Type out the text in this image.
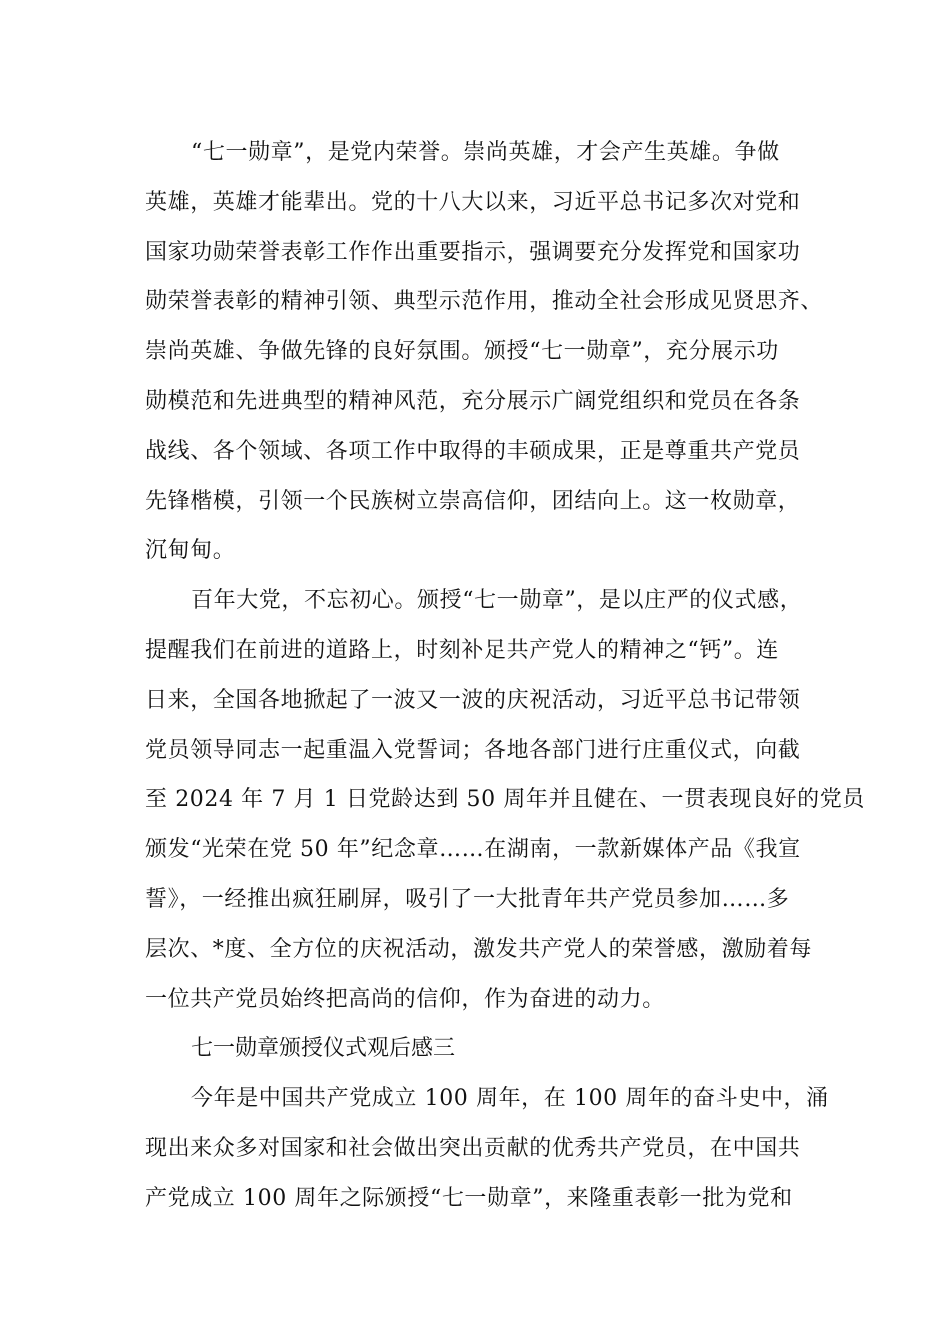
“七一勋章”，是党内荣誉。崇尚英雄，才会产生英雄。争做
英雄，英雄才能辈出。党的十八大以来，习近平总书记多次对党和
国家功勋荣誉表彰工作作出重要指示，强调要充分发挥党和国家功
勋荣誉表彰的精神引领、典型示范作用，推动全社会形成见贤思齐、
崇尚英雄、争做先锋的良好氛围。颁授“七一勋章”，充分展示功
勋模范和先进典型的精神风范，充分展示广阔党组织和党员在各条
战线、各个领域、各项工作中取得的丰硕成果，正是尊重共产党员
先锋楷模，引领一个民族树立崇高信仰，团结向上。这一枚勋章，
沉甸甸。
百年大党，不忘初心。颁授“七一勋章”，是以庄严的仪式感，
提醒我们在前进的道路上，时刻补足共产党人的精神之“钙”。连
日来，全国各地掀起了一波又一波的庆祝活动，习近平总书记带领
党员领导同志一起重温入党誓词；各地各部门进行庄重仪式，向截
至 2024 年 7 月 1 日党龄达到 50 周年并且健在、一贯表现良好的党员
颁发“光荣在党 50 年”纪念章……在湖南，一款新媒体产品《我宣
誓》，一经推出疯狂刷屏，吸引了一大批青年共产党员参加……多
层次、*度、全方位的庆祝活动，激发共产党人的荣誉感，激励着每
一位共产党员始终把高尚的信仰，作为奋进的动力。
七一勋章颁授仪式观后感三
今年是中国共产党成立 100 周年，在 100 周年的奋斗史中，涌
现出来众多对国家和社会做出突出贡献的优秀共产党员，在中国共
产党成立 100 周年之际颁授“七一勋章”，来隆重表彰一批为党和
